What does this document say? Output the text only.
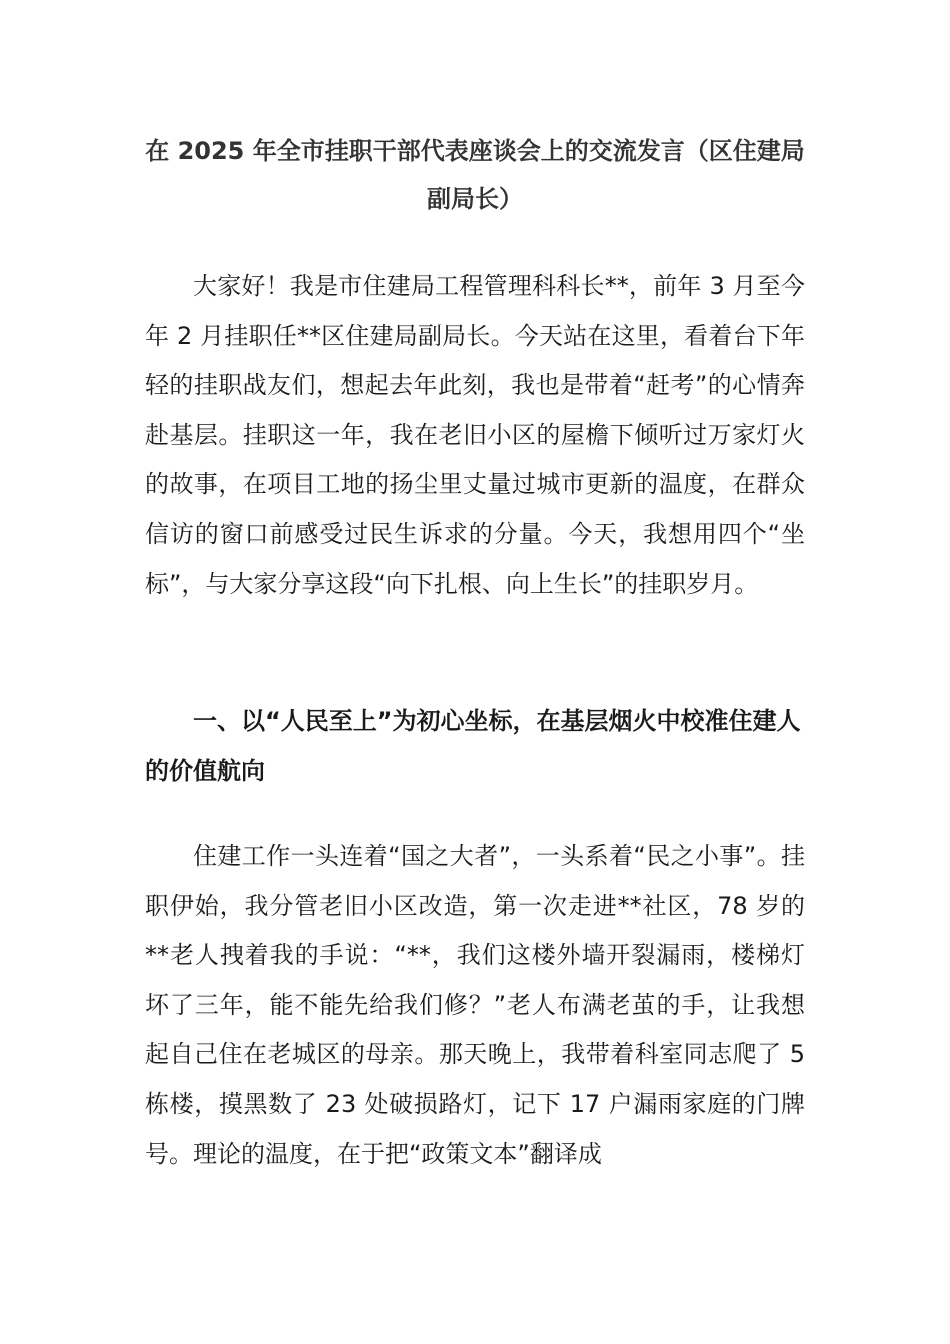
在 2025 年全市挂职干部代表座谈会上的交流发言（区住建局副局长）

大家好！我是市住建局工程管理科科长**，前年 3 月至今年 2 月挂职任**区住建局副局长。今天站在这里，看着台下年轻的挂职战友们，想起去年此刻，我也是带着“赶考”的心情奔赴基层。挂职这一年，我在老旧小区的屋檐下倾听过万家灯火的故事，在项目工地的扬尘里丈量过城市更新的温度，在群众信访的窗口前感受过民生诉求的分量。今天，我想用四个“坐标”，与大家分享这段“向下扎根、向上生长”的挂职岁月。

一、以“人民至上”为初心坐标，在基层烟火中校准住建人的价值航向

住建工作一头连着“国之大者”，一头系着“民之小事”。挂职伊始，我分管老旧小区改造，第一次走进**社区，78 岁的**老人拽着我的手说：“**，我们这楼外墙开裂漏雨，楼梯灯坏了三年，能不能先给我们修？”老人布满老茧的手，让我想起自己住在老城区的母亲。那天晚上，我带着科室同志爬了 5 栋楼，摸黑数了 23 处破损路灯，记下 17 户漏雨家庭的门牌号。理论的温度，在于把“政策文本”翻译成
